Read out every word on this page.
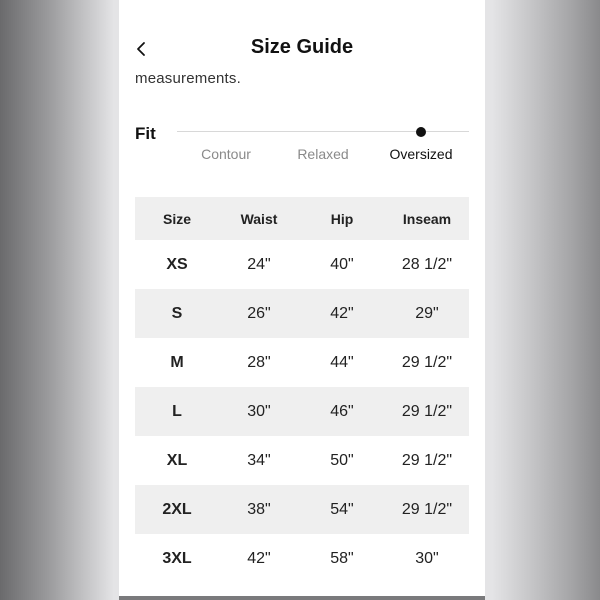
Size Guide
measurements.
Fit
Contour	Relaxed	Oversized
Size	Waist	Hip	Inseam
XS	24"	40"	28 1/2"
S	26"	42"	29"
M	28"	44"	29 1/2"
L	30"	46"	29 1/2"
XL	34"	50"	29 1/2"
2XL	38"	54"	29 1/2"
3XL	42"	58"	30"
